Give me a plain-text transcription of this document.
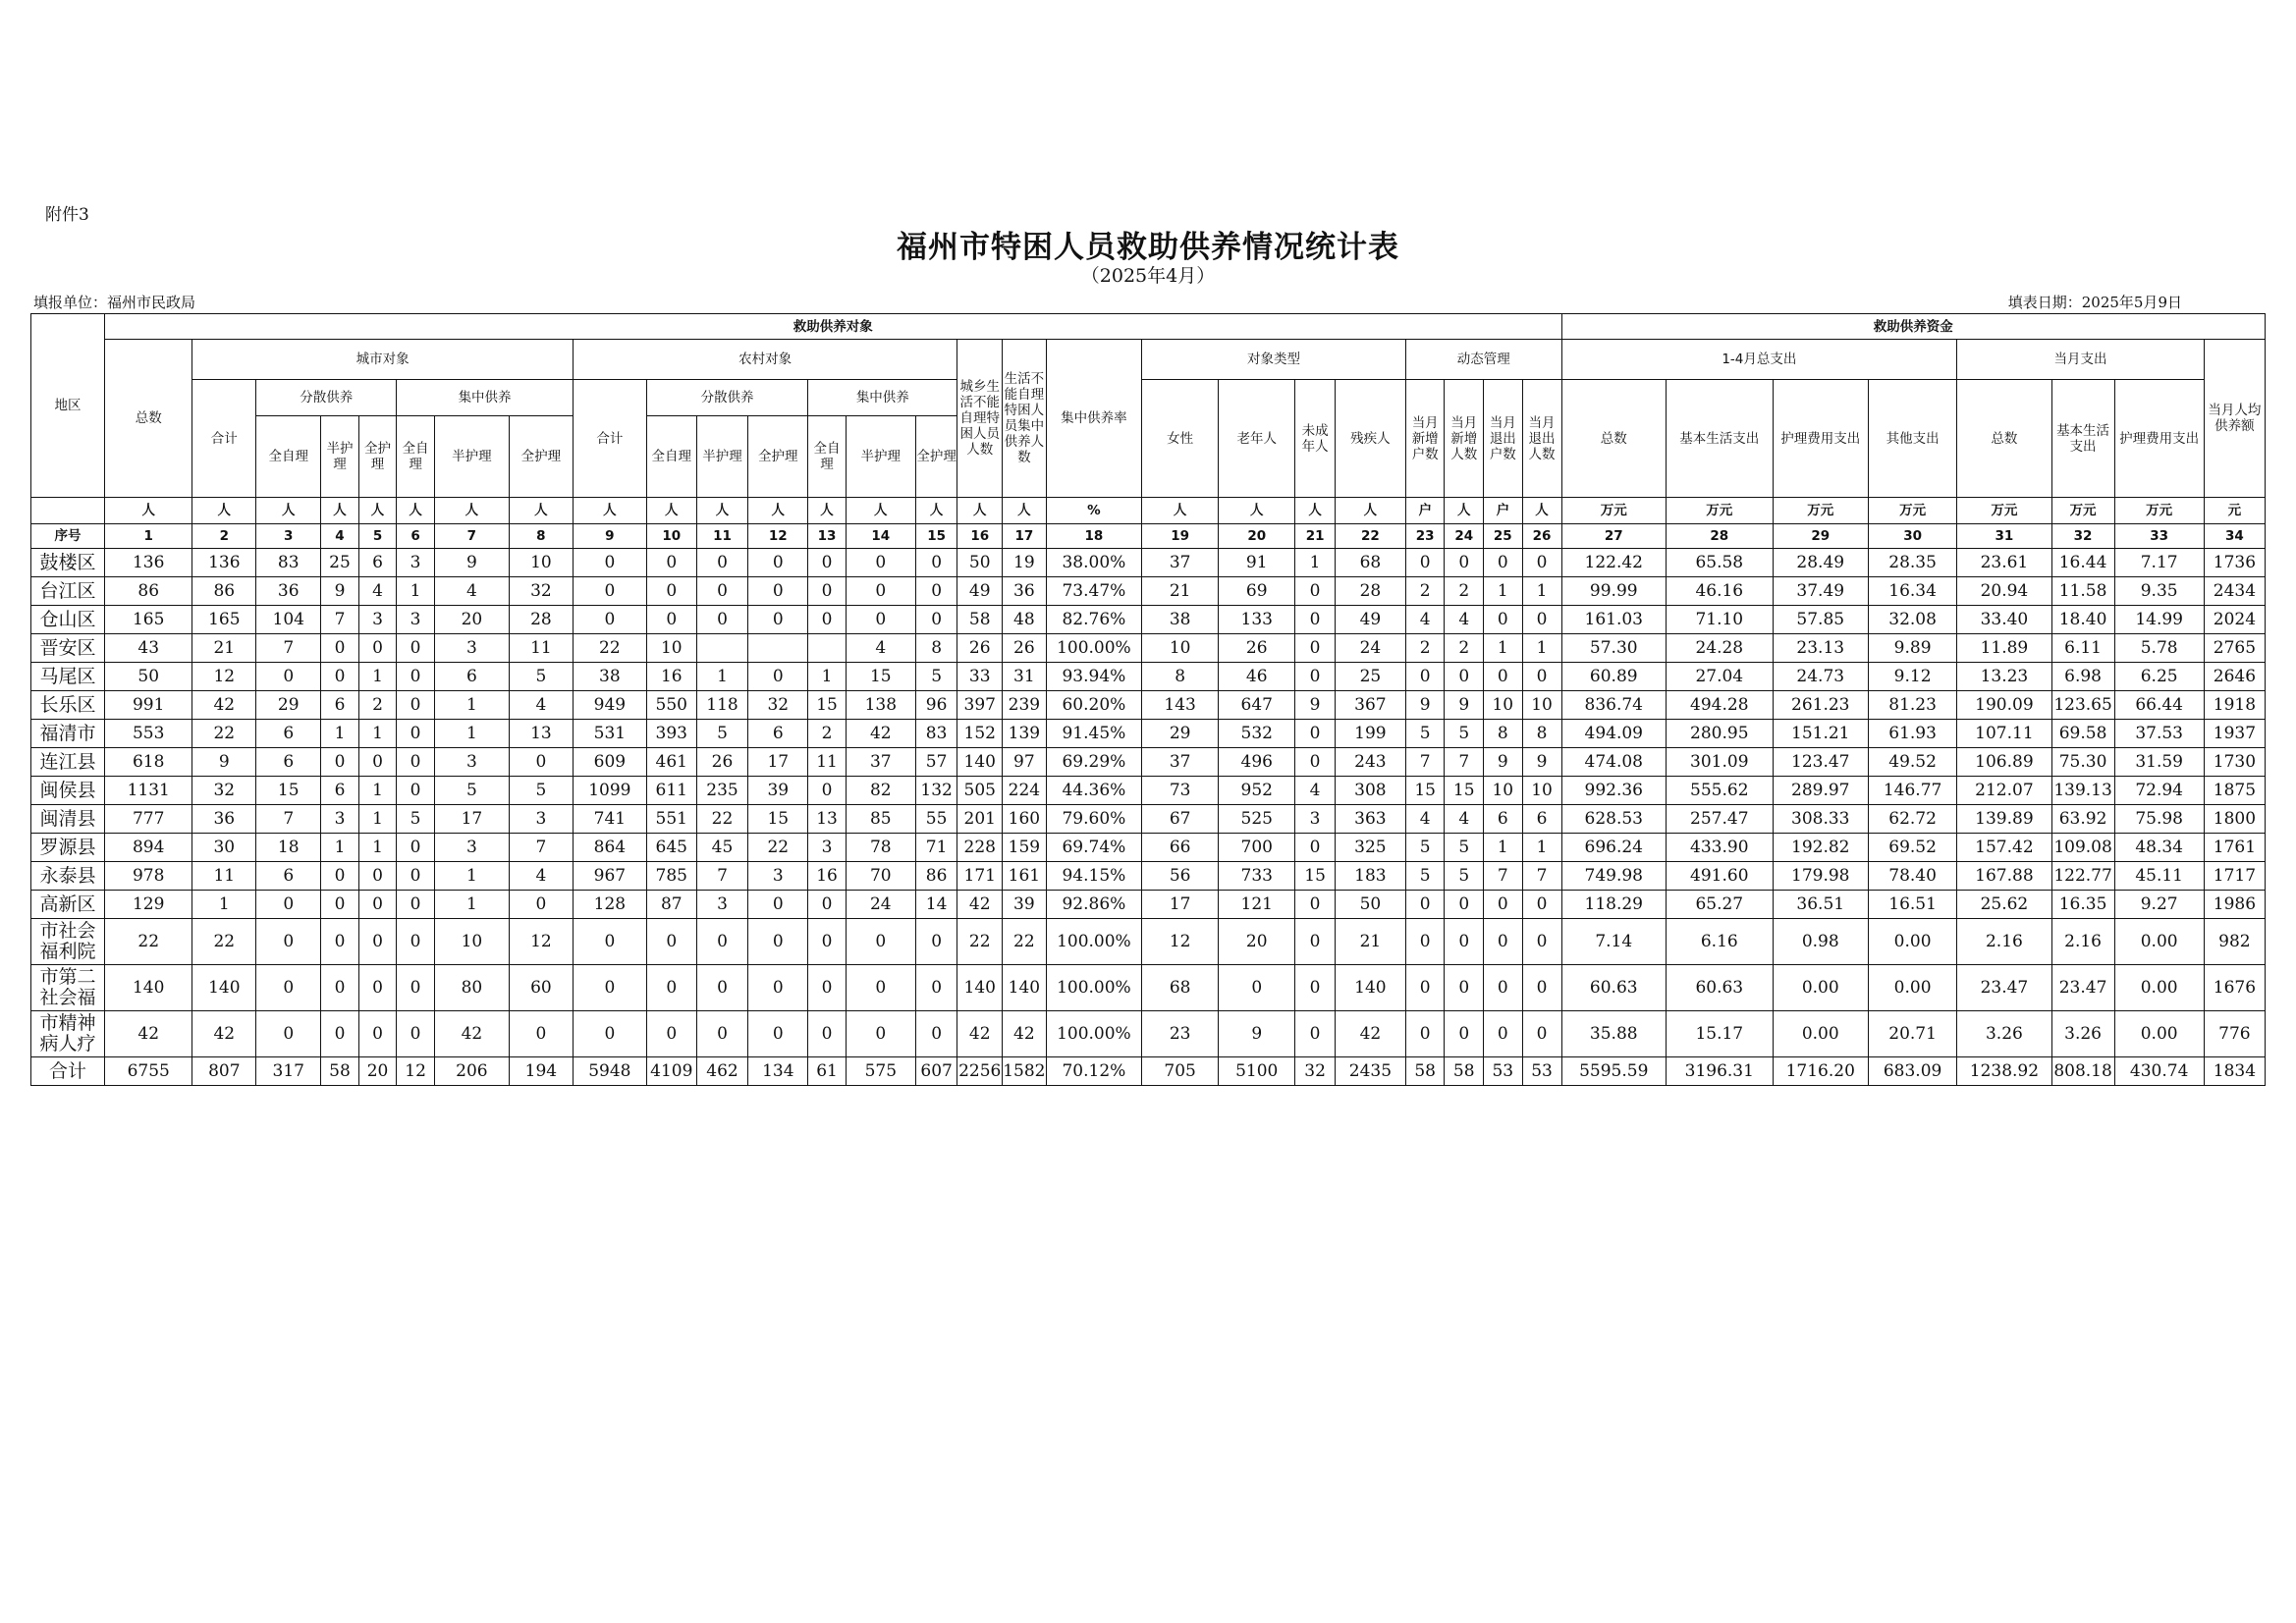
附件3
福州市特困人员救助供养情况统计表
（2025年4月）
填报单位：福州市民政局	填表日期：2025年5月9日
地区	救助供养对象																										救助供养资金							
	总数	城市对象							农村对象							城乡生活不能自理特困人员人数	生活不能自理特困人员集中供养人数	集中供养率	对象类型				动态管理				1-4月总支出				当月支出			当月人均供养额
		合计	分散供养			集中供养			合计	分散供养			集中供养						女性	老年人	未成年人	残疾人	当月新增户数	当月新增人数	当月退出户数	当月退出人数	总数	基本生活支出	护理费用支出	其他支出	总数	基本生活支出	护理费用支出	
			全自理	半护理	全护理	全自理	半护理	全护理		全自理	半护理	全护理	全自理	半护理	全护理																			
	人	人	人	人	人	人	人	人	人	人	人	人	人	人	人	人	人	%	人	人	人	人	户	人	户	人	万元	万元	万元	万元	万元	万元	万元	元
序号	1	2	3	4	5	6	7	8	9	10	11	12	13	14	15	16	17	18	19	20	21	22	23	24	25	26	27	28	29	30	31	32	33	34
鼓楼区	136	136	83	25	6	3	9	10	0	0	0	0	0	0	0	50	19	38.00%	37	91	1	68	0	0	0	0	122.42	65.58	28.49	28.35	23.61	16.44	7.17	1736
台江区	86	86	36	9	4	1	4	32	0	0	0	0	0	0	0	49	36	73.47%	21	69	0	28	2	2	1	1	99.99	46.16	37.49	16.34	20.94	11.58	9.35	2434
仓山区	165	165	104	7	3	3	20	28	0	0	0	0	0	0	0	58	48	82.76%	38	133	0	49	4	4	0	0	161.03	71.10	57.85	32.08	33.40	18.40	14.99	2024
晋安区	43	21	7	0	0	0	3	11	22	10				4	8	26	26	100.00%	10	26	0	24	2	2	1	1	57.30	24.28	23.13	9.89	11.89	6.11	5.78	2765
马尾区	50	12	0	0	1	0	6	5	38	16	1	0	1	15	5	33	31	93.94%	8	46	0	25	0	0	0	0	60.89	27.04	24.73	9.12	13.23	6.98	6.25	2646
长乐区	991	42	29	6	2	0	1	4	949	550	118	32	15	138	96	397	239	60.20%	143	647	9	367	9	9	10	10	836.74	494.28	261.23	81.23	190.09	123.65	66.44	1918
福清市	553	22	6	1	1	0	1	13	531	393	5	6	2	42	83	152	139	91.45%	29	532	0	199	5	5	8	8	494.09	280.95	151.21	61.93	107.11	69.58	37.53	1937
连江县	618	9	6	0	0	0	3	0	609	461	26	17	11	37	57	140	97	69.29%	37	496	0	243	7	7	9	9	474.08	301.09	123.47	49.52	106.89	75.30	31.59	1730
闽侯县	1131	32	15	6	1	0	5	5	1099	611	235	39	0	82	132	505	224	44.36%	73	952	4	308	15	15	10	10	992.36	555.62	289.97	146.77	212.07	139.13	72.94	1875
闽清县	777	36	7	3	1	5	17	3	741	551	22	15	13	85	55	201	160	79.60%	67	525	3	363	4	4	6	6	628.53	257.47	308.33	62.72	139.89	63.92	75.98	1800
罗源县	894	30	18	1	1	0	3	7	864	645	45	22	3	78	71	228	159	69.74%	66	700	0	325	5	5	1	1	696.24	433.90	192.82	69.52	157.42	109.08	48.34	1761
永泰县	978	11	6	0	0	0	1	4	967	785	7	3	16	70	86	171	161	94.15%	56	733	15	183	5	5	7	7	749.98	491.60	179.98	78.40	167.88	122.77	45.11	1717
高新区	129	1	0	0	0	0	1	0	128	87	3	0	0	24	14	42	39	92.86%	17	121	0	50	0	0	0	0	118.29	65.27	36.51	16.51	25.62	16.35	9.27	1986
市社会福利院	22	22	0	0	0	0	10	12	0	0	0	0	0	0	0	22	22	100.00%	12	20	0	21	0	0	0	0	7.14	6.16	0.98	0.00	2.16	2.16	0.00	982
市第二社会福	140	140	0	0	0	0	80	60	0	0	0	0	0	0	0	140	140	100.00%	68	0	0	140	0	0	0	0	60.63	60.63	0.00	0.00	23.47	23.47	0.00	1676
市精神病人疗	42	42	0	0	0	0	42	0	0	0	0	0	0	0	0	42	42	100.00%	23	9	0	42	0	0	0	0	35.88	15.17	0.00	20.71	3.26	3.26	0.00	776
合计	6755	807	317	58	20	12	206	194	5948	4109	462	134	61	575	607	2256	1582	70.12%	705	5100	32	2435	58	58	53	53	5595.59	3196.31	1716.20	683.09	1238.92	808.18	430.74	1834
